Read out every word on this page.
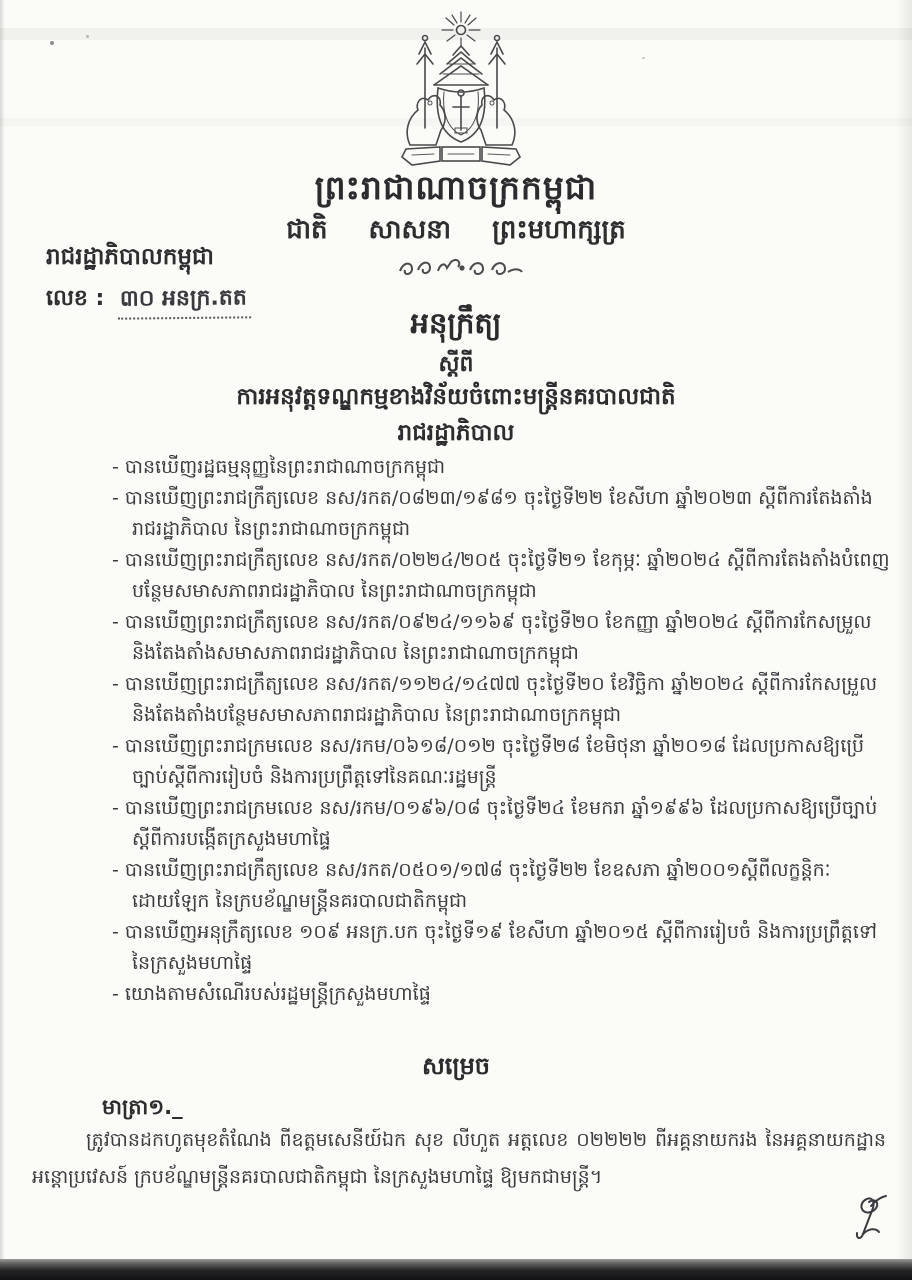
ព្រះរាជាណាចក្រកម្ពុជា
ជាតិ សាសនា ព្រះមហាក្សត្រ
រាជរដ្ឋាភិបាលកម្ពុជា
លេខ : ៣០ អនក្រ.តត
អនុក្រឹត្យ
ស្តីពី
ការអនុវត្តទណ្ឌកម្មខាងវិន័យចំពោះមន្ត្រីនគរបាលជាតិ
រាជរដ្ឋាភិបាល
- បានឃើញរដ្ឋធម្មនុញ្ញនៃព្រះរាជាណាចក្រកម្ពុជា
- បានឃើញព្រះរាជក្រឹត្យលេខ នស/រកត/០៨២៣/១៩៨១ ចុះថ្ងៃទី២២ ខែសីហា ឆ្នាំ២០២៣ ស្តីពីការតែងតាំងរាជរដ្ឋាភិបាល នៃព្រះរាជាណាចក្រកម្ពុជា
- បានឃើញព្រះរាជក្រឹត្យលេខ នស/រកត/០២២៤/២០៥ ចុះថ្ងៃទី២១ ខែកុម្ភៈ ឆ្នាំ២០២៤ ស្តីពីការតែងតាំងបំពេញបន្ថែមសមាសភាពរាជរដ្ឋាភិបាល នៃព្រះរាជាណាចក្រកម្ពុជា
- បានឃើញព្រះរាជក្រឹត្យលេខ នស/រកត/០៩២៤/១១៦៩ ចុះថ្ងៃទី២០ ខែកញ្ញា ឆ្នាំ២០២៤ ស្តីពីការកែសម្រួល និងតែងតាំងសមាសភាពរាជរដ្ឋាភិបាល នៃព្រះរាជាណាចក្រកម្ពុជា
- បានឃើញព្រះរាជក្រឹត្យលេខ នស/រកត/១១២៤/១៤៧៧ ចុះថ្ងៃទី២០ ខែវិច្ឆិកា ឆ្នាំ២០២៤ ស្តីពីការកែសម្រួល និងតែងតាំងបន្ថែមសមាសភាពរាជរដ្ឋាភិបាល នៃព្រះរាជាណាចក្រកម្ពុជា
- បានឃើញព្រះរាជក្រមលេខ នស/រកម/០៦១៨/០១២ ចុះថ្ងៃទី២៨ ខែមិថុនា ឆ្នាំ២០១៨ ដែលប្រកាសឱ្យប្រើច្បាប់ស្តីពីការរៀបចំ និងការប្រព្រឹត្តទៅនៃគណៈរដ្ឋមន្ត្រី
- បានឃើញព្រះរាជក្រមលេខ នស/រកម/០១៩៦/០៨ ចុះថ្ងៃទី២៤ ខែមករា ឆ្នាំ១៩៩៦ ដែលប្រកាសឱ្យប្រើច្បាប់ស្តីពីការបង្កើតក្រសួងមហាផ្ទៃ
- បានឃើញព្រះរាជក្រឹត្យលេខ នស/រកត/០៥០១/១៧៨ ចុះថ្ងៃទី២២ ខែឧសភា ឆ្នាំ២០០១ស្តីពីលក្ខន្តិកៈដោយឡែក នៃក្របខ័ណ្ឌមន្ត្រីនគរបាលជាតិកម្ពុជា
- បានឃើញអនុក្រឹត្យលេខ ១០៩ អនក្រ.បក ចុះថ្ងៃទី១៩ ខែសីហា ឆ្នាំ២០១៥ ស្តីពីការរៀបចំ និងការប្រព្រឹត្តទៅ នៃក្រសួងមហាផ្ទៃ
- យោងតាមសំណើរបស់រដ្ឋមន្ត្រីក្រសួងមហាផ្ទៃ
សម្រេច
មាត្រា១._
ត្រូវបានដកហូតមុខតំណែង ពីឧត្តមសេនីយ៍ឯក សុខ លីហួត អត្តលេខ ០២២២២ ពីអគ្គនាយករង នៃអគ្គនាយកដ្ឋានអន្តោប្រវេសន៍ ក្របខ័ណ្ឌមន្ត្រីនគរបាលជាតិកម្ពុជា នៃក្រសួងមហាផ្ទៃ ឱ្យមកជាមន្ត្រី។
